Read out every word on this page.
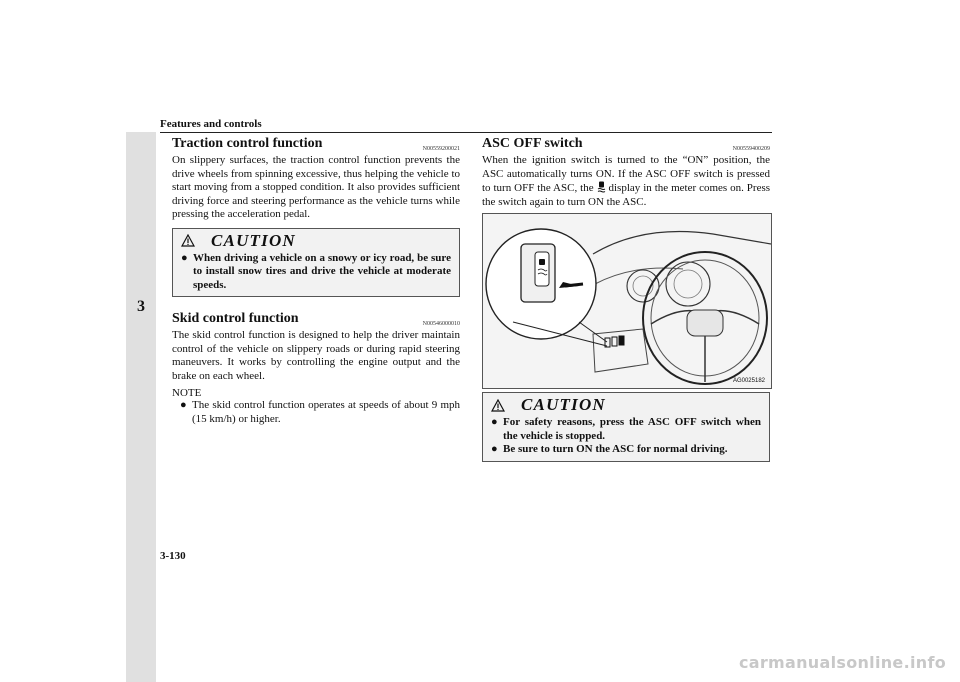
Features and controls
3
Traction control function	N00559200021

On slippery surfaces, the traction control function prevents the drive wheels from spinning excessive, thus helping the vehicle to start moving from a stopped condition. It also provides sufficient driving force and steering performance as the vehicle turns while pressing the acceleration pedal.

CAUTION
● When driving a vehicle on a snowy or icy road, be sure to install snow tires and drive the vehicle at moderate speeds.
Skid control function	N00546000010

The skid control function is designed to help the driver maintain control of the vehicle on slippery roads or during rapid steering maneuvers. It works by controlling the engine output and the brake on each wheel.

NOTE
● The skid control function operates at speeds of about 9 mph (15 km/h) or higher.
ASC OFF switch	N00559400209

When the ignition switch is turned to the “ON” position, the ASC automatically turns ON. If the ASC OFF switch is pressed to turn OFF the ASC, the display in the meter comes on. Press the switch again to turn ON the ASC.

AG0025182
CAUTION
● For safety reasons, press the ASC OFF switch when the vehicle is stopped.
● Be sure to turn ON the ASC for normal driving.
3-130
carmanualsonline.info
